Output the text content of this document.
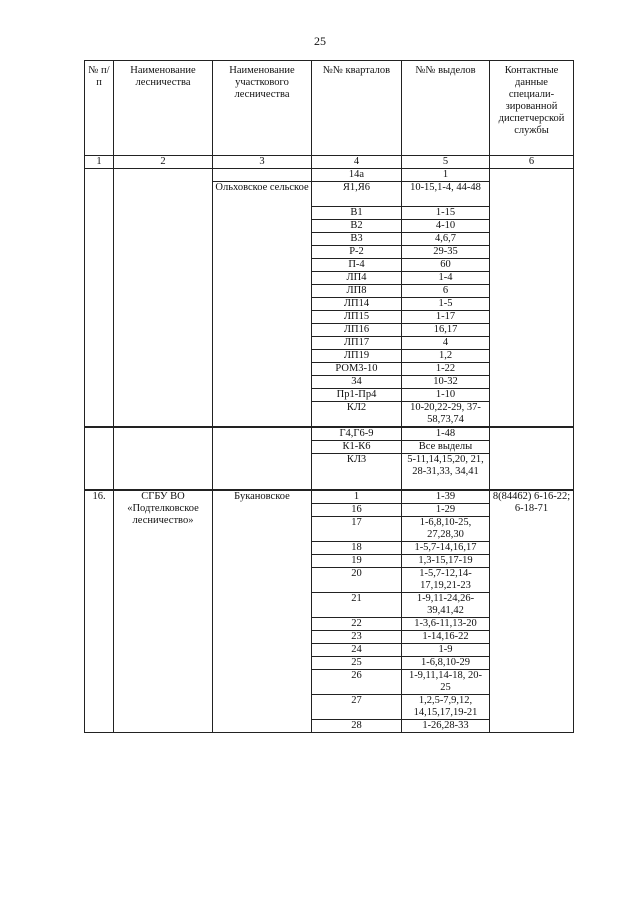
25
№ п/п	Наименование лесничества	Наименование участкового лесничества	№№ кварталов	№№ выделов	Контактные данные специали-зированной диспетчерской службы
1	2	3	4	5	6
			14а	1	
		Ольховское сельское	Я1,Я6	10-15,1-4, 44-48	
			В1	1-15	
			В2	4-10	
			В3	4,6,7	
			Р-2	29-35	
			П-4	60	
			ЛП4	1-4	
			ЛП8	6	
			ЛП14	1-5	
			ЛП15	1-17	
			ЛП16	16,17	
			ЛП17	4	
			ЛП19	1,2	
			РОМ3-10	1-22	
			34	10-32	
			Пр1-Пр4	1-10	
			КЛ2	10-20,22-29, 37-58,73,74	
			Г4,Г6-9	1-48	
			К1-К6	Все выделы	
			КЛ3	5-11,14,15,20, 21, 28-31,33, 34,41	
16.	СГБУ ВО «Подтелковское лесничество»	Букановское	1	1-39	8(84462) 6-16-22; 6-18-71
			16	1-29	
			17	1-6,8,10-25, 27,28,30	
			18	1-5,7-14,16,17	
			19	1,3-15,17-19	
			20	1-5,7-12,14-17,19,21-23	
			21	1-9,11-24,26-39,41,42	
			22	1-3,6-11,13-20	
			23	1-14,16-22	
			24	1-9	
			25	1-6,8,10-29	
			26	1-9,11,14-18, 20-25	
			27	1,2,5-7,9,12, 14,15,17,19-21	
			28	1-26,28-33	
